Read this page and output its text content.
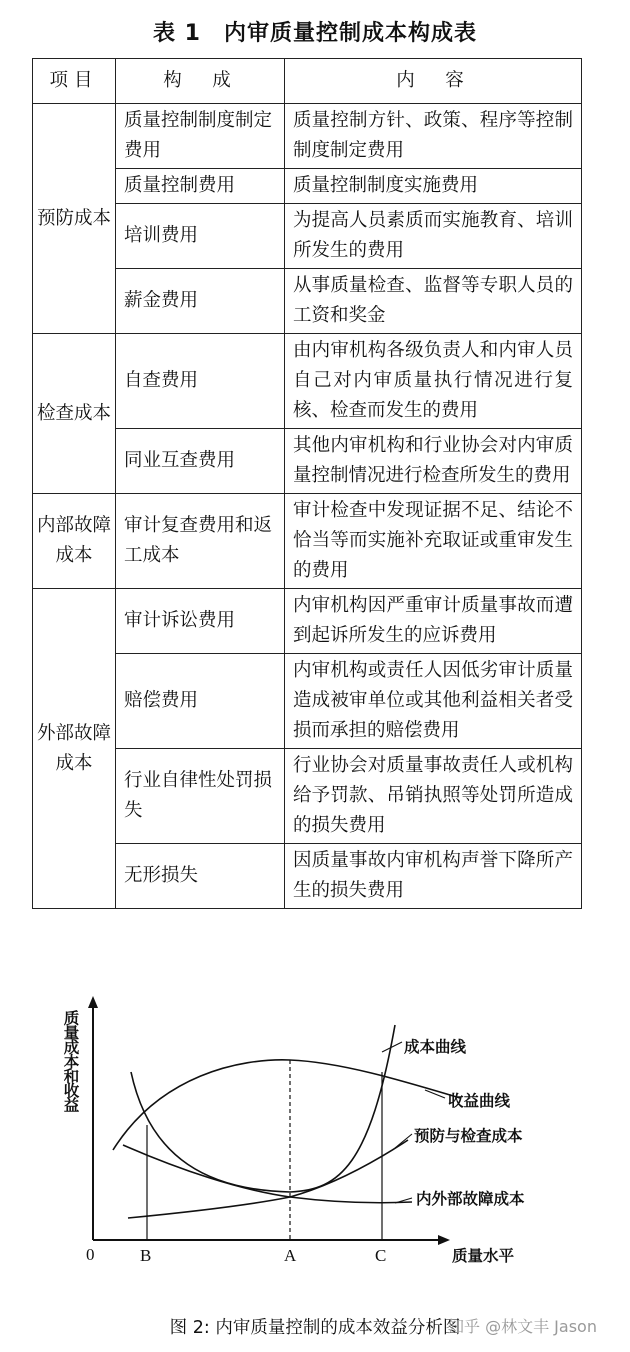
表 1　内审质量控制成本构成表
项目	构　成	内　容
预防成本	质量控制制度制定费用	质量控制方针、政策、程序等控制制度制定费用
	质量控制费用	质量控制制度实施费用
	培训费用	为提高人员素质而实施教育、培训所发生的费用
	薪金费用	从事质量检查、监督等专职人员的工资和奖金
检查成本	自查费用	由内审机构各级负责人和内审人员自己对内审质量执行情况进行复核、检查而发生的费用
	同业互查费用	其他内审机构和行业协会对内审质量控制情况进行检查所发生的费用
内部故障成本	审计复查费用和返工成本	审计检查中发现证据不足、结论不恰当等而实施补充取证或重审发生的费用
外部故障成本	审计诉讼费用	内审机构因严重审计质量事故而遭到起诉所发生的应诉费用
	赔偿费用	内审机构或责任人因低劣审计质量造成被审单位或其他利益相关者受损而承担的赔偿费用
	行业自律性处罚损失	行业协会对质量事故责任人或机构给予罚款、吊销执照等处罚所造成的损失费用
	无形损失	因质量事故内审机构声誉下降所产生的损失费用
质量成本和收益	成本曲线
收益曲线
预防与检查成本
内外部故障成本
0	B	A	C	质量水平
图 2: 内审质量控制的成本效益分析图
知乎 @林文丰 Jason
